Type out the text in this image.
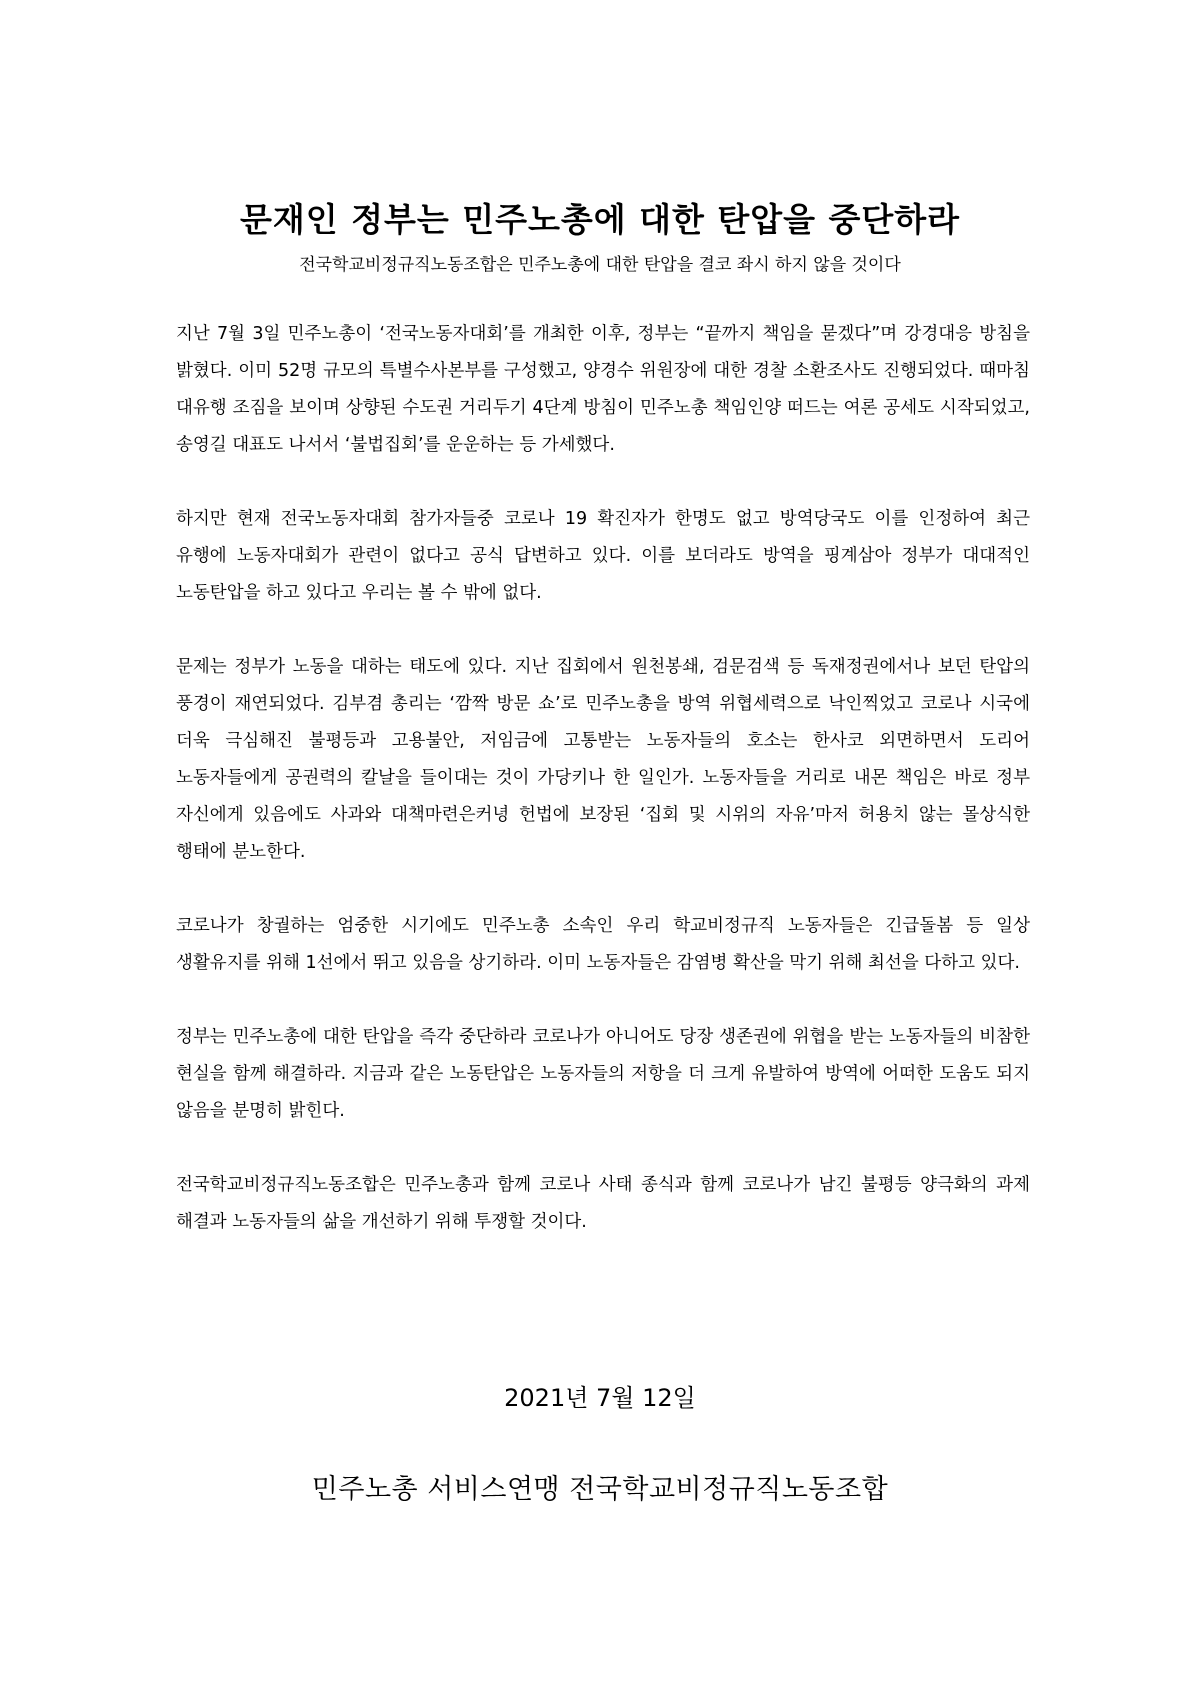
문재인 정부는 민주노총에 대한 탄압을 중단하라

전국학교비정규직노동조합은 민주노총에 대한 탄압을 결코 좌시 하지 않을 것이다

지난 7월 3일 민주노총이 ‘전국노동자대회’를 개최한 이후, 정부는 “끝까지 책임을 묻겠다”며 강경대응 방침을 밝혔다. 이미 52명 규모의 특별수사본부를 구성했고, 양경수 위원장에 대한 경찰 소환조사도 진행되었다. 때마침 대유행 조짐을 보이며 상향된 수도권 거리두기 4단계 방침이 민주노총 책임인양 떠드는 여론 공세도 시작되었고, 송영길 대표도 나서서 ‘불법집회’를 운운하는 등 가세했다.

하지만 현재 전국노동자대회 참가자들중 코로나 19 확진자가 한명도 없고 방역당국도 이를 인정하여 최근 유행에 노동자대회가 관련이 없다고 공식 답변하고 있다. 이를 보더라도 방역을 핑계삼아 정부가 대대적인 노동탄압을 하고 있다고 우리는 볼 수 밖에 없다.

문제는 정부가 노동을 대하는 태도에 있다. 지난 집회에서 원천봉쇄, 검문검색 등 독재정권에서나 보던 탄압의 풍경이 재연되었다. 김부겸 총리는 ‘깜짝 방문 쇼’로 민주노총을 방역 위협세력으로 낙인찍었고 코로나 시국에 더욱 극심해진 불평등과 고용불안, 저임금에 고통받는 노동자들의 호소는 한사코 외면하면서 도리어 노동자들에게 공권력의 칼날을 들이대는 것이 가당키나 한 일인가. 노동자들을 거리로 내몬 책임은 바로 정부 자신에게 있음에도 사과와 대책마련은커녕 헌법에 보장된 ‘집회 및 시위의 자유’마저 허용치 않는 몰상식한 행태에 분노한다.

코로나가 창궐하는 엄중한 시기에도 민주노총 소속인 우리 학교비정규직 노동자들은 긴급돌봄 등 일상 생활유지를 위해 1선에서 뛰고 있음을 상기하라. 이미 노동자들은 감염병 확산을 막기 위해 최선을 다하고 있다.

정부는 민주노총에 대한 탄압을 즉각 중단하라 코로나가 아니어도 당장 생존권에 위협을 받는 노동자들의 비참한 현실을 함께 해결하라. 지금과 같은 노동탄압은 노동자들의 저항을 더 크게 유발하여 방역에 어떠한 도움도 되지 않음을 분명히 밝힌다.

전국학교비정규직노동조합은 민주노총과 함께 코로나 사태 종식과 함께 코로나가 남긴 불평등 양극화의 과제 해결과 노동자들의 삶을 개선하기 위해 투쟁할 것이다.

2021년 7월 12일

민주노총 서비스연맹 전국학교비정규직노동조합
